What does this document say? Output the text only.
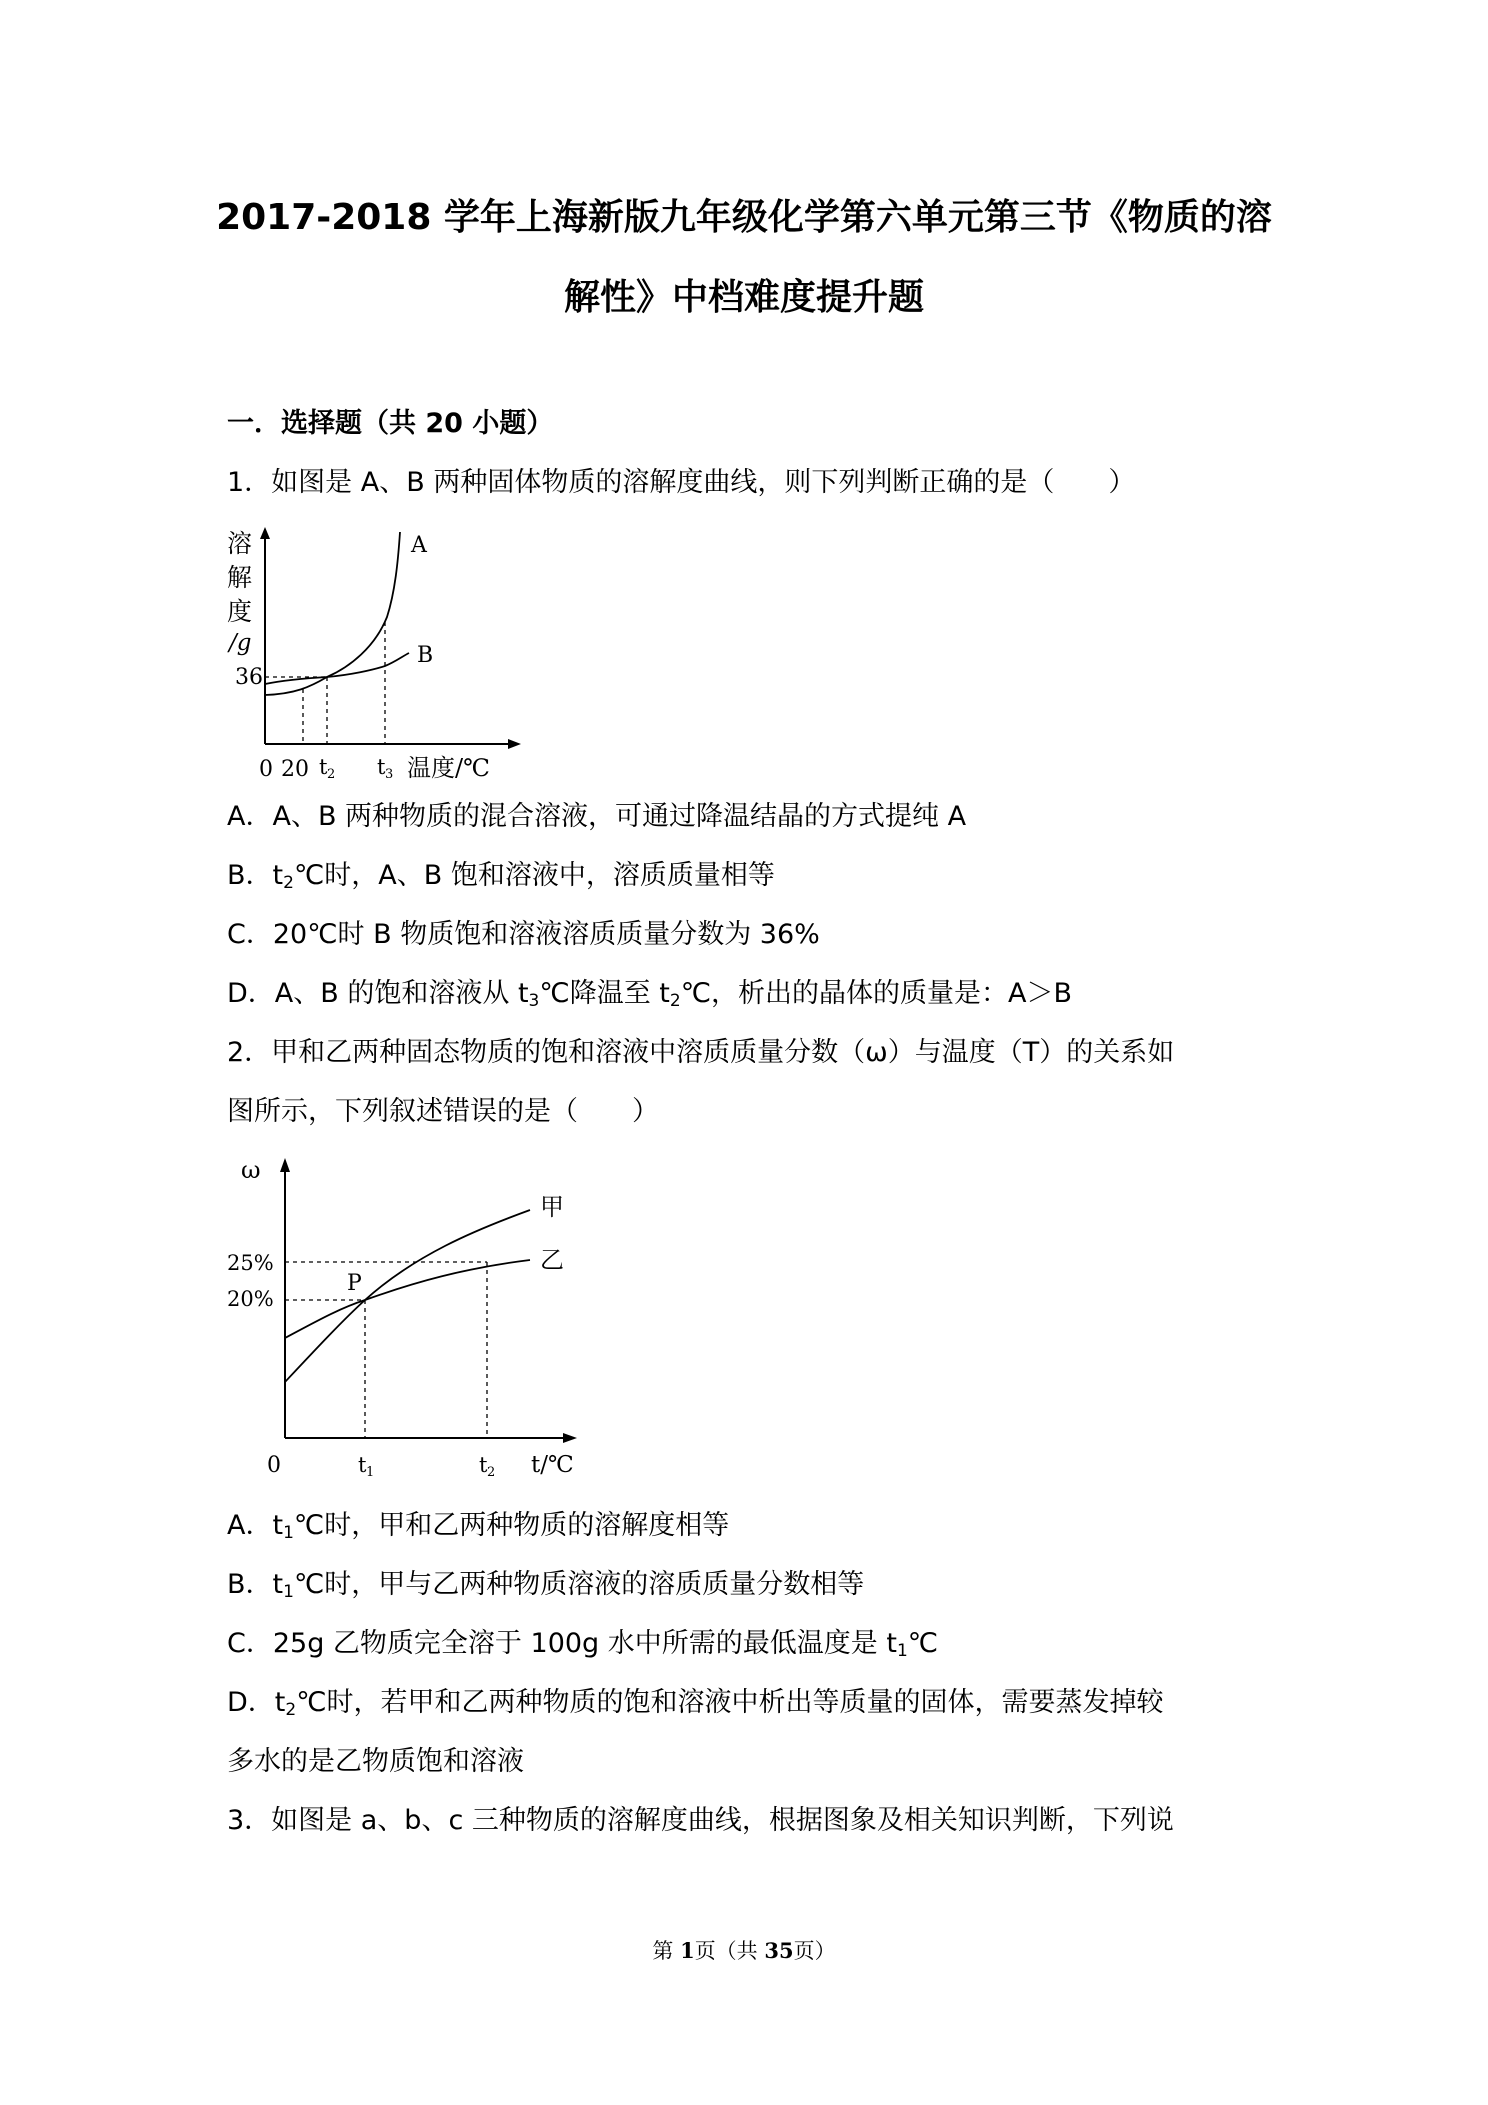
2017-2018 学年上海新版九年级化学第六单元第三节《物质的溶
解性》中档难度提升题
一．选择题（共 20 小题）
1．如图是 A、B 两种固体物质的溶解度曲线，则下列判断正确的是（　　）
溶
解
度
/g
36
A
B
0 20 t 2 t 3 温度/℃
A．A、B 两种物质的混合溶液，可通过降温结晶的方式提纯 A
B．$t_2℃$时，A、B 饱和溶液中，溶质质量相等
C．20℃时 B 物质饱和溶液溶质质量分数为 36%
D．A、B 的饱和溶液从 $t_3℃$降温至 $t_2℃$，析出的晶体的质量是：A＞B
2．甲和乙两种固态物质的饱和溶液中溶质质量分数（ω）与温度（T）的关系如
图所示，下列叙述错误的是（　　）
ω
25%
20%
P
甲
乙
0	t 1	t 2 t/℃
A．$t_1℃$时，甲和乙两种物质的溶解度相等
B．$t_1℃$时，甲与乙两种物质溶液的溶质质量分数相等
C．25g 乙物质完全溶于 100g 水中所需的最低温度是 $t_1℃$
D．$t_2℃$时，若甲和乙两种物质的饱和溶液中析出等质量的固体，需要蒸发掉较
多水的是乙物质饱和溶液
3．如图是 a、b、c 三种物质的溶解度曲线，根据图象及相关知识判断，下列说
第 1页（共 35页）
